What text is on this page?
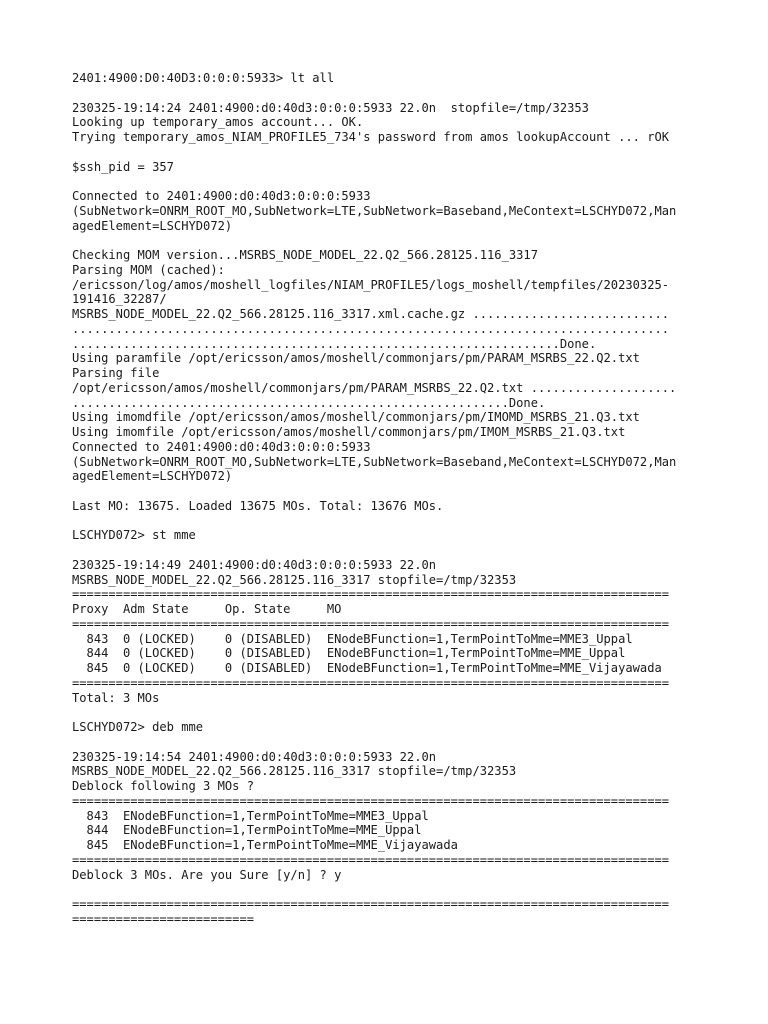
2401:4900:D0:40D3:0:0:0:5933> lt all
230325-19:14:24 2401:4900:d0:40d3:0:0:0:5933 22.0n  stopfile=/tmp/32353
Looking up temporary_amos account... OK.
Trying temporary_amos_NIAM_PROFILE5_734's password from amos lookupAccount ... rOK
$ssh_pid = 357
Connected to 2401:4900:d0:40d3:0:0:0:5933
(SubNetwork=ONRM_ROOT_MO,SubNetwork=LTE,SubNetwork=Baseband,MeContext=LSCHYD072,Man
agedElement=LSCHYD072)
Checking MOM version...MSRBS_NODE_MODEL_22.Q2_566.28125.116_3317
Parsing MOM (cached):
/ericsson/log/amos/moshell_logfiles/NIAM_PROFILE5/logs_moshell/tempfiles/20230325-
191416_32287/
MSRBS_NODE_MODEL_22.Q2_566.28125.116_3317.xml.cache.gz ...........................
..................................................................................
...................................................................Done.
Using paramfile /opt/ericsson/amos/moshell/commonjars/pm/PARAM_MSRBS_22.Q2.txt
Parsing file
/opt/ericsson/amos/moshell/commonjars/pm/PARAM_MSRBS_22.Q2.txt ....................
............................................................Done.
Using imomdfile /opt/ericsson/amos/moshell/commonjars/pm/IMOMD_MSRBS_21.Q3.txt
Using imomfile /opt/ericsson/amos/moshell/commonjars/pm/IMOM_MSRBS_21.Q3.txt
Connected to 2401:4900:d0:40d3:0:0:0:5933
(SubNetwork=ONRM_ROOT_MO,SubNetwork=LTE,SubNetwork=Baseband,MeContext=LSCHYD072,Man
agedElement=LSCHYD072)
Last MO: 13675. Loaded 13675 MOs. Total: 13676 MOs.
LSCHYD072> st mme
230325-19:14:49 2401:4900:d0:40d3:0:0:0:5933 22.0n
MSRBS_NODE_MODEL_22.Q2_566.28125.116_3317 stopfile=/tmp/32353
==================================================================================
Proxy  Adm State     Op. State     MO
==================================================================================
843  0 (LOCKED)    0 (DISABLED)  ENodeBFunction=1,TermPointToMme=MME3_Uppal
844  0 (LOCKED)    0 (DISABLED)  ENodeBFunction=1,TermPointToMme=MME_Uppal
845  0 (LOCKED)    0 (DISABLED)  ENodeBFunction=1,TermPointToMme=MME_Vijayawada
==================================================================================
Total: 3 MOs
LSCHYD072> deb mme
230325-19:14:54 2401:4900:d0:40d3:0:0:0:5933 22.0n
MSRBS_NODE_MODEL_22.Q2_566.28125.116_3317 stopfile=/tmp/32353
Deblock following 3 MOs ?
==================================================================================
843  ENodeBFunction=1,TermPointToMme=MME3_Uppal
844  ENodeBFunction=1,TermPointToMme=MME_Uppal
845  ENodeBFunction=1,TermPointToMme=MME_Vijayawada
==================================================================================
Deblock 3 MOs. Are you Sure [y/n] ? y
==================================================================================
=========================
